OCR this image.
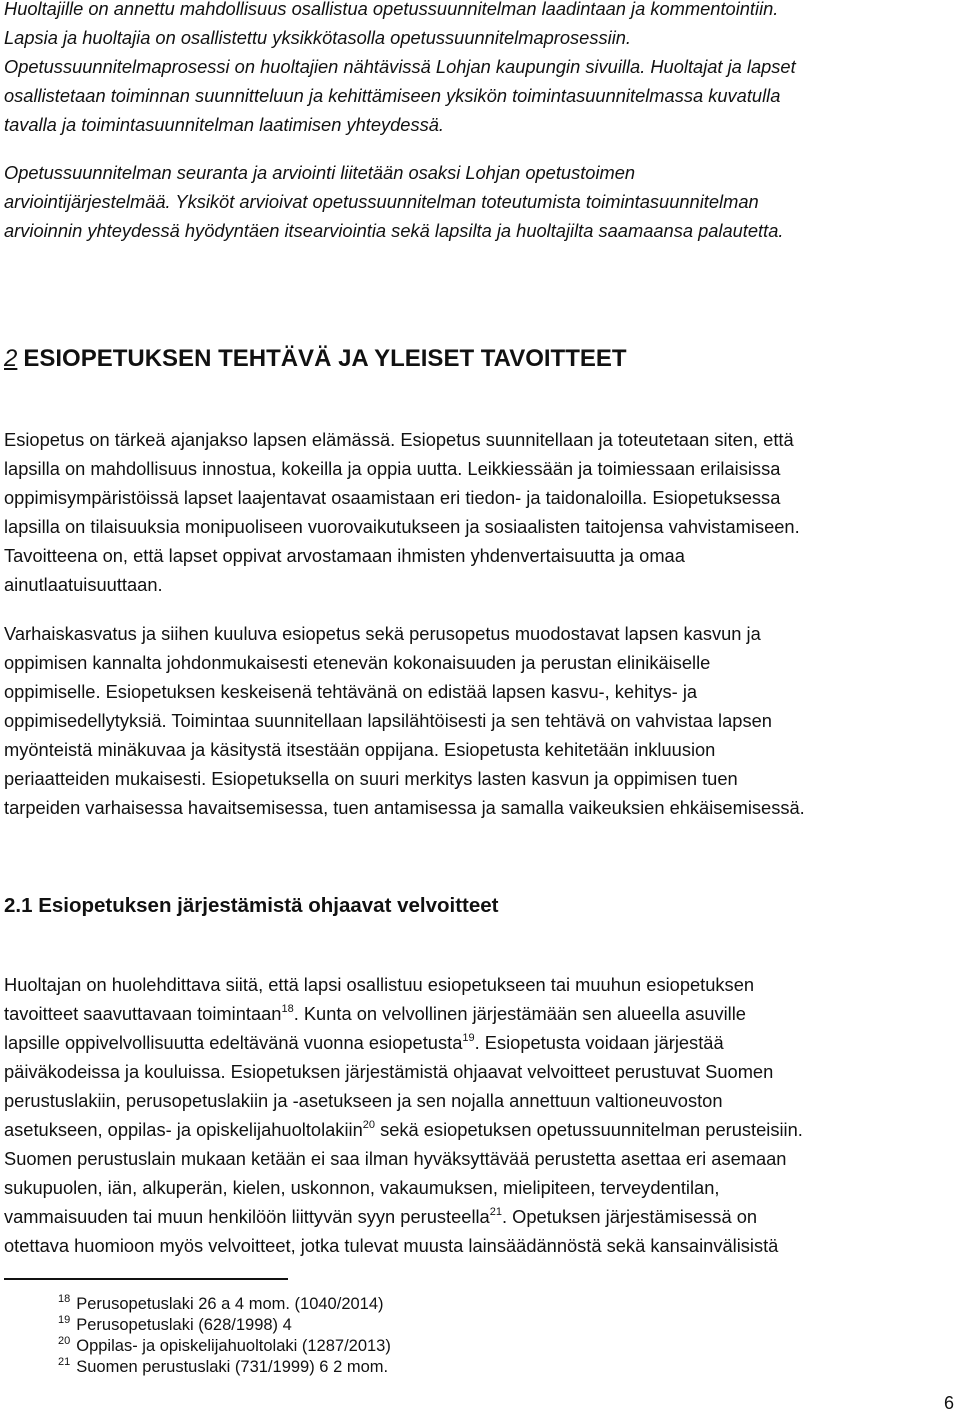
Huoltajille on annettu mahdollisuus osallistua opetussuunnitelman laadintaan ja kommentointiin.
Lapsia ja huoltajia on osallistettu yksikkötasolla opetussuunnitelmaprosessiin.
Opetussuunnitelmaprosessi on huoltajien nähtävissä Lohjan kaupungin sivuilla. Huoltajat ja lapset
osallistetaan toiminnan suunnitteluun ja kehittämiseen yksikön toimintasuunnitelmassa kuvatulla
tavalla ja toimintasuunnitelman laatimisen yhteydessä.
Opetussuunnitelman seuranta ja arviointi liitetään osaksi Lohjan opetustoimen
arviointijärjestelmää. Yksiköt arvioivat opetussuunnitelman toteutumista toimintasuunnitelman
arvioinnin yhteydessä hyödyntäen itsearviointia sekä lapsilta ja huoltajilta saamaansa palautetta.
2 ESIOPETUKSEN TEHTÄVÄ JA YLEISET TAVOITTEET
Esiopetus on tärkeä ajanjakso lapsen elämässä. Esiopetus suunnitellaan ja toteutetaan siten, että
lapsilla on mahdollisuus innostua, kokeilla ja oppia uutta. Leikkiessään ja toimiessaan erilaisissa
oppimisympäristöissä lapset laajentavat osaamistaan eri tiedon- ja taidonaloilla. Esiopetuksessa
lapsilla on tilaisuuksia monipuoliseen vuorovaikutukseen ja sosiaalisten taitojensa vahvistamiseen.
Tavoitteena on, että lapset oppivat arvostamaan ihmisten yhdenvertaisuutta ja omaa
ainutlaatuisuuttaan.
Varhaiskasvatus ja siihen kuuluva esiopetus sekä perusopetus muodostavat lapsen kasvun ja
oppimisen kannalta johdonmukaisesti etenevän kokonaisuuden ja perustan elinikäiselle
oppimiselle. Esiopetuksen keskeisenä tehtävänä on edistää lapsen kasvu-, kehitys- ja
oppimisedellytyksiä. Toimintaa suunnitellaan lapsilähtöisesti ja sen tehtävä on vahvistaa lapsen
myönteistä minäkuvaa ja käsitystä itsestään oppijana. Esiopetusta kehitetään inkluusion
periaatteiden mukaisesti. Esiopetuksella on suuri merkitys lasten kasvun ja oppimisen tuen
tarpeiden varhaisessa havaitsemisessa, tuen antamisessa ja samalla vaikeuksien ehkäisemisessä.
2.1 Esiopetuksen järjestämistä ohjaavat velvoitteet
Huoltajan on huolehdittava siitä, että lapsi osallistuu esiopetukseen tai muuhun esiopetuksen
tavoitteet saavuttavaan toimintaan$^{18}$. Kunta on velvollinen järjestämään sen alueella asuville
lapsille oppivelvollisuutta edeltävänä vuonna esiopetusta$^{19}$. Esiopetusta voidaan järjestää
päiväkodeissa ja kouluissa. Esiopetuksen järjestämistä ohjaavat velvoitteet perustuvat Suomen
perustuslakiin, perusopetuslakiin ja -asetukseen ja sen nojalla annettuun valtioneuvoston
asetukseen, oppilas- ja opiskelijahuoltolakiin$^{20}$ sekä esiopetuksen opetussuunnitelman perusteisiin.
Suomen perustuslain mukaan ketään ei saa ilman hyväksyttävää perustetta asettaa eri asemaan
sukupuolen, iän, alkuperän, kielen, uskonnon, vakaumuksen, mielipiteen, terveydentilan,
vammaisuuden tai muun henkilöön liittyvän syyn perusteella$^{21}$. Opetuksen järjestämisessä on
otettava huomioon myös velvoitteet, jotka tulevat muusta lainsäädännöstä sekä kansainvälisistä
$^{18}$ Perusopetuslaki 26 a 4 mom. (1040/2014)
$^{19}$ Perusopetuslaki (628/1998) 4
$^{20}$ Oppilas- ja opiskelijahuoltolaki (1287/2013)
$^{21}$ Suomen perustuslaki (731/1999) 6 2 mom.
6
